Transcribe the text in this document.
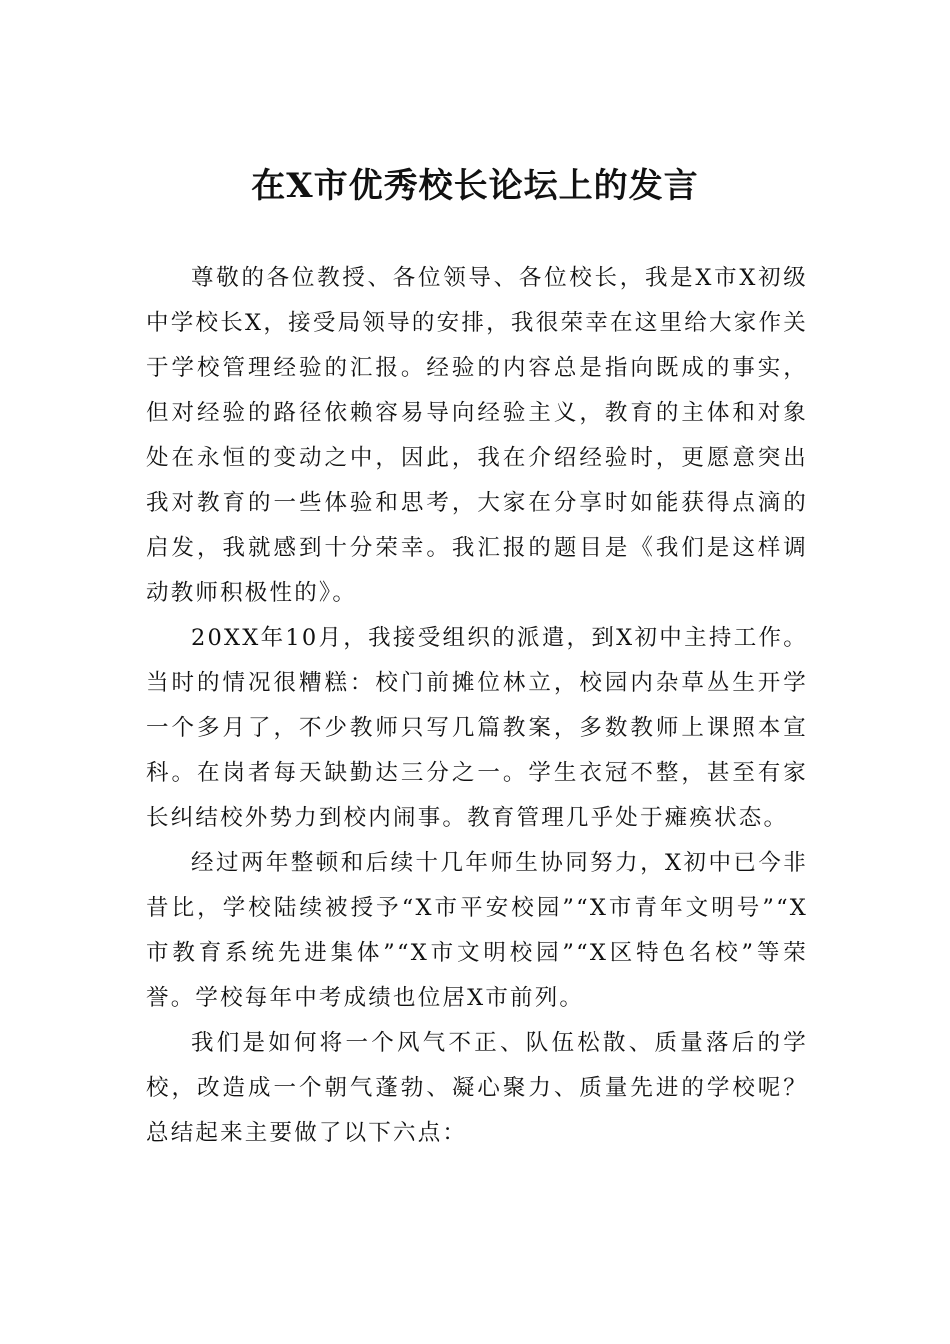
在X市优秀校长论坛上的发言

尊敬的各位教授、各位领导、各位校长，我是X市X初级中学校长X，接受局领导的安排，我很荣幸在这里给大家作关于学校管理经验的汇报。经验的内容总是指向既成的事实，但对经验的路径依赖容易导向经验主义，教育的主体和对象处在永恒的变动之中，因此，我在介绍经验时，更愿意突出我对教育的一些体验和思考，大家在分享时如能获得点滴的启发，我就感到十分荣幸。我汇报的题目是《我们是这样调动教师积极性的》。

20XX年10月，我接受组织的派遣，到X初中主持工作。当时的情况很糟糕：校门前摊位林立，校园内杂草丛生开学一个多月了，不少教师只写几篇教案，多数教师上课照本宣科。在岗者每天缺勤达三分之一。学生衣冠不整，甚至有家长纠结校外势力到校内闹事。教育管理几乎处于瘫痪状态。

经过两年整顿和后续十几年师生协同努力，X初中已今非昔比，学校陆续被授予“X市平安校园”“X市青年文明号”“X市教育系统先进集体”“X市文明校园”“X区特色名校”等荣誉。学校每年中考成绩也位居X市前列。

我们是如何将一个风气不正、队伍松散、质量落后的学校，改造成一个朝气蓬勃、凝心聚力、质量先进的学校呢？总结起来主要做了以下六点：
